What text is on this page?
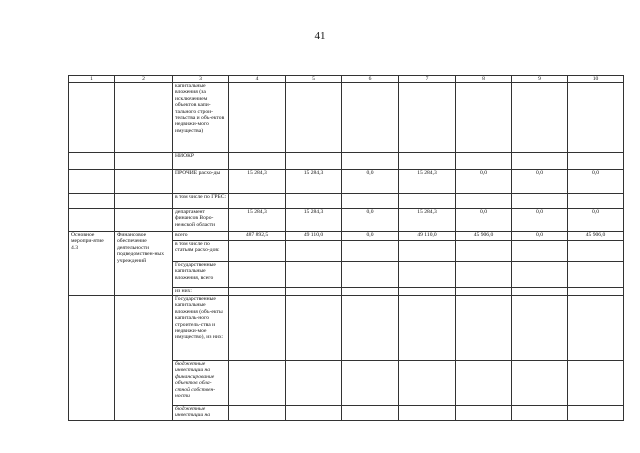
41
1	2	3	4	5	6	7	8	9	10
		капитальные вложения (за исключением объектов капи-тального строи-тельства и объ-ектов недвижи-мого имущества)							
		НИОКР							
		ПРОЧИЕ расхо-ды	15 284,3	15 284,3	0,0	15 284,3	0,0	0,0	0,0
		в том числе по ГРБС:							
		департамент финансов Воро-нежской области	15 284,3	15 284,3	0,0	15 284,3	0,0	0,0	0,0
Основное меропри-ятие 4.3	Финансовое обеспечение деятельности подведомствен-ных учреждений	всего	487 892,5	49 110,0	0,0	49 110,0	45 906,0	0,0	45 906,0
		в том числе по статьям расхо-дов:							
		Государственные капитальные вложения, всего							
		из них:							
		Государственные капитальные вложения (объ-екты капиталь-ного строитель-ства и недвижи-мое имущество), из них:							
		бюджетные инвестиции на финансирование объектов обла-стной собствен-ности							
		бюджетные инвестиции на							
